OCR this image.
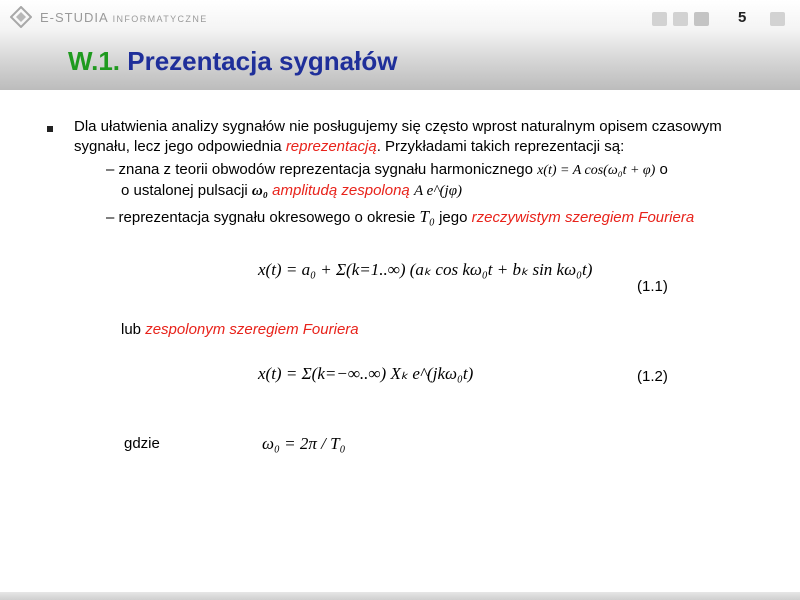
E-STUDIA INFORMATYCZNE	5
W.1. Prezentacja sygnałów
Dla ułatwienia analizy sygnałów nie posługujemy się często wprost naturalnym opisem czasowym
sygnału, lecz jego odpowiednia reprezentacją. Przykładami takich reprezentacji są:
– znana z teorii obwodów reprezentacja sygnału harmonicznego x(t) = A cos(ω₀t + φ) o
o ustalonej pulsacji ω₀ amplitudą zespoloną A e^(jφ)
– reprezentacja sygnału okresowego o okresie T₀ jego rzeczywistym szeregiem Fouriera
x(t) = a₀ + Σ(k=1..∞) (aₖ cos kω₀t + bₖ sin kω₀t)
(1.1)
lub zespolonym szeregiem Fouriera
x(t) = Σ(k=−∞..∞) Xₖ e^(jkω₀t)	(1.2)
gdzie	ω₀ = 2π / T₀
